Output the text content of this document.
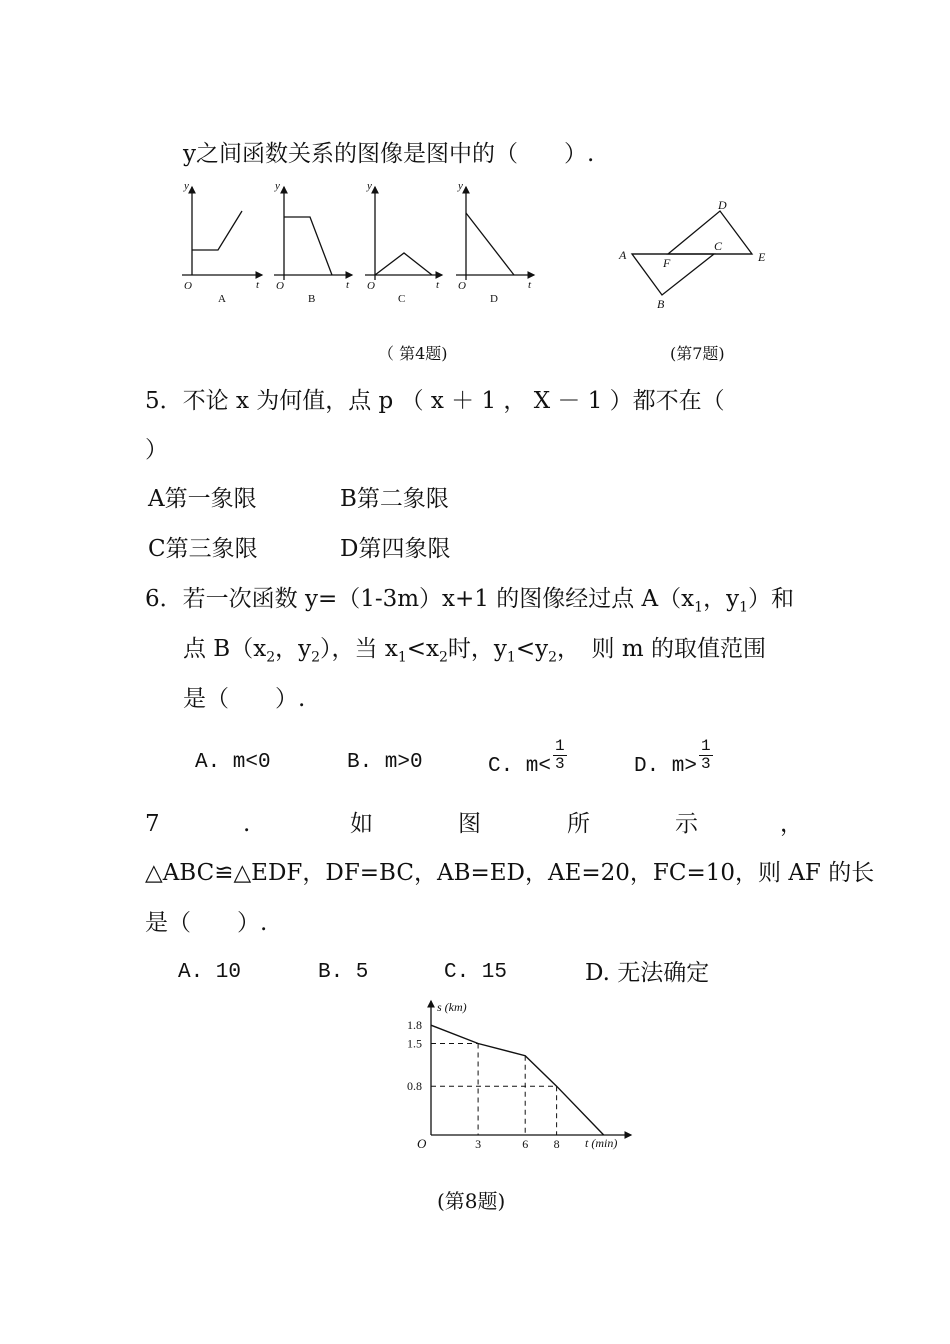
y之间函数关系的图像是图中的（　　）.
y	y	y	y
t	t	t	t
O	O	O	O
A	B	C	D
A
B
C
D
E
F
（ 第4题)	(第7题)
5．不论 x 为何值，点 p （ x ＋ 1 ， X － 1 ）都不在（
）
A第一象限	B第二象限
C第三象限	D第四象限
6．若一次函数 y=（1-3m）x+1 的图像经过点 $A(x_1$，$y_1$）和
点 $B(x_2$，$y_2$），当 $x_1<x_2$时，$y_1<y_2$，　则 m 的取值范围
是（　　）.
A. m<0	B. m>0	C. $m< \frac{1}{3}$	D. $m> \frac{1}{3}$
7	.	如	图	所	示	，
△ABC≌△EDF，DF=BC，AB=ED，AE=20，FC=10，则 AF 的长
是（　　）.
A. 10	B. 5	C. 15	D. 无法确定
1.8
1.5
0.8
3	6 8
s (km)
t (min)
O
(第8题)
